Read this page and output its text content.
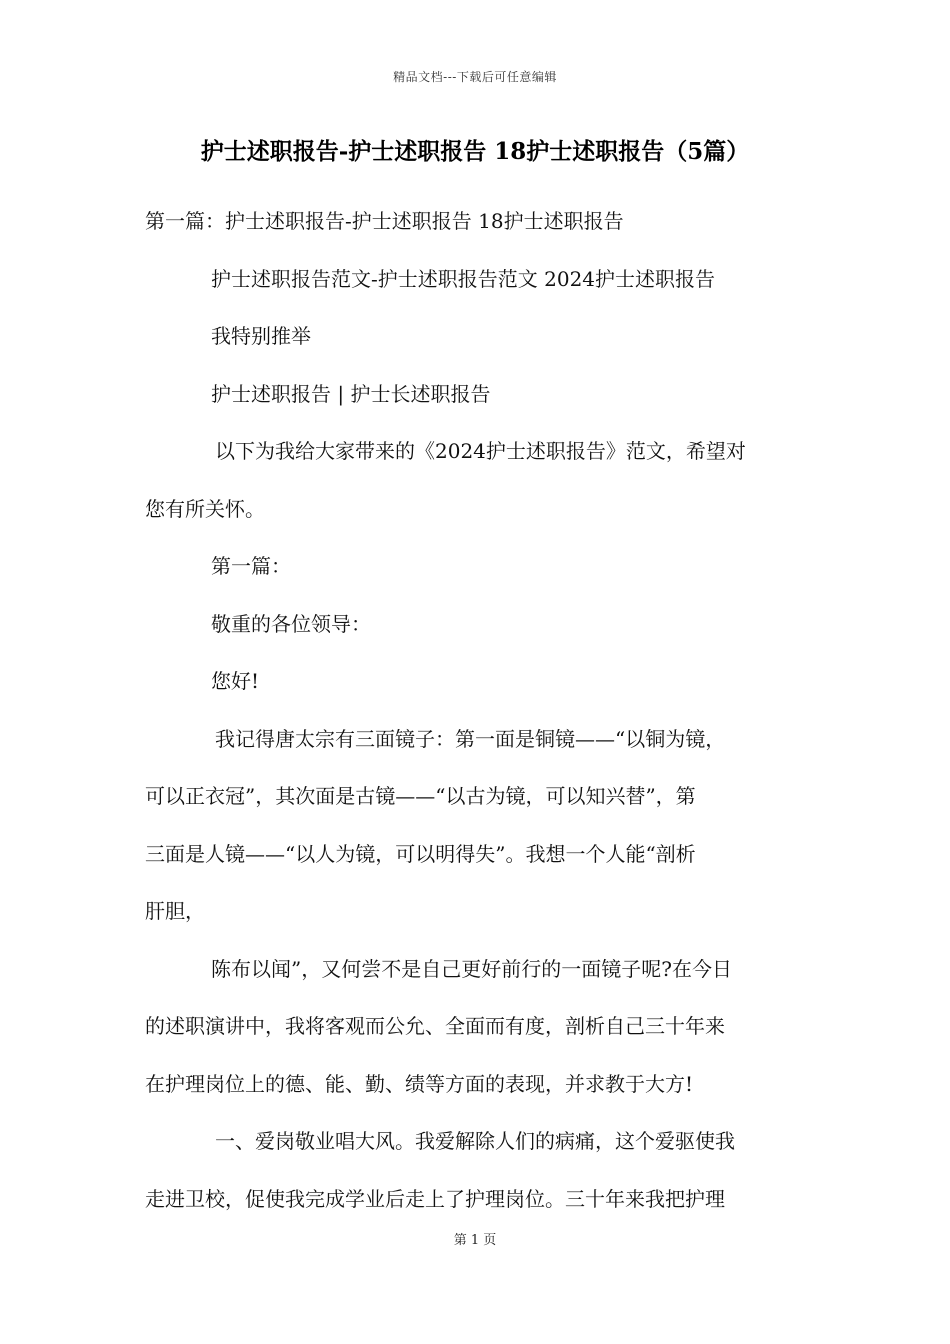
精品文档---下载后可任意编辑
护士述职报告-护士述职报告 18护士述职报告（5篇）

第一篇：护士述职报告-护士述职报告 18护士述职报告

护士述职报告范文-护士述职报告范文 2024护士述职报告

我特别推举

护士述职报告 | 护士长述职报告

以下为我给大家带来的《2024护士述职报告》范文，希望对

您有所关怀。

第一篇：

敬重的各位领导：

您好!

我记得唐太宗有三面镜子：第一面是铜镜——“以铜为镜，

可以正衣冠”，其次面是古镜——“以古为镜，可以知兴替”，第

三面是人镜——“以人为镜，可以明得失”。我想一个人能“剖析

肝胆，

陈布以闻”，又何尝不是自己更好前行的一面镜子呢?在今日

的述职演讲中，我将客观而公允、全面而有度，剖析自己三十年来

在护理岗位上的德、能、勤、绩等方面的表现，并求教于大方!

一、爱岗敬业唱大风。我爱解除人们的病痛，这个爱驱使我

走进卫校，促使我完成学业后走上了护理岗位。三十年来我把护理

第 1 页
